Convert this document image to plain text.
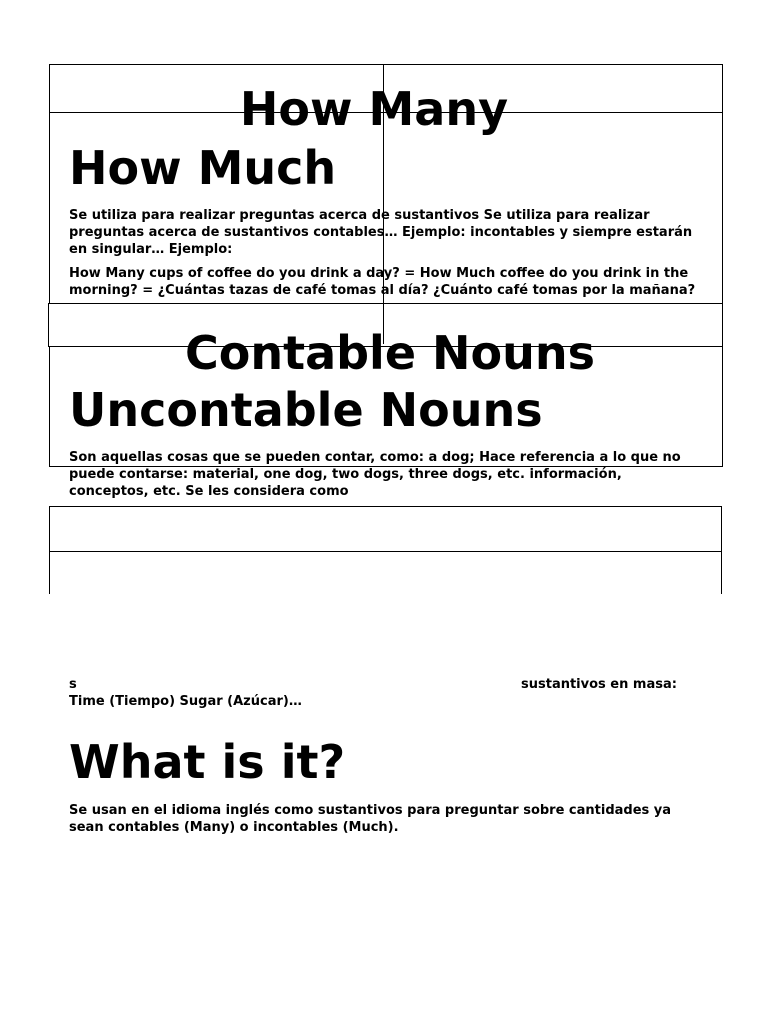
How Many
How Much

Se utiliza para realizar preguntas acerca de sustantivos Se utiliza para realizar preguntas acerca de sustantivos contables… Ejemplo: incontables y siempre estarán en singular… Ejemplo:

How Many cups of coffee do you drink a day? = How Much coffee do you drink in the morning? = ¿Cuántas tazas de café tomas al día? ¿Cuánto café tomas por la mañana?

Contable Nouns
Uncontable Nouns

Son aquellas cosas que se pueden contar, como: a dog; Hace referencia a lo que no puede contarse: material, one dog, two dogs, three dogs, etc. información, conceptos, etc. Se les considera como

s	sustantivos en masa:

Time (Tiempo) Sugar (Azúcar)…

What is it?

Se usan en el idioma inglés como sustantivos para preguntar sobre cantidades ya sean contables (Many) o incontables (Much).
